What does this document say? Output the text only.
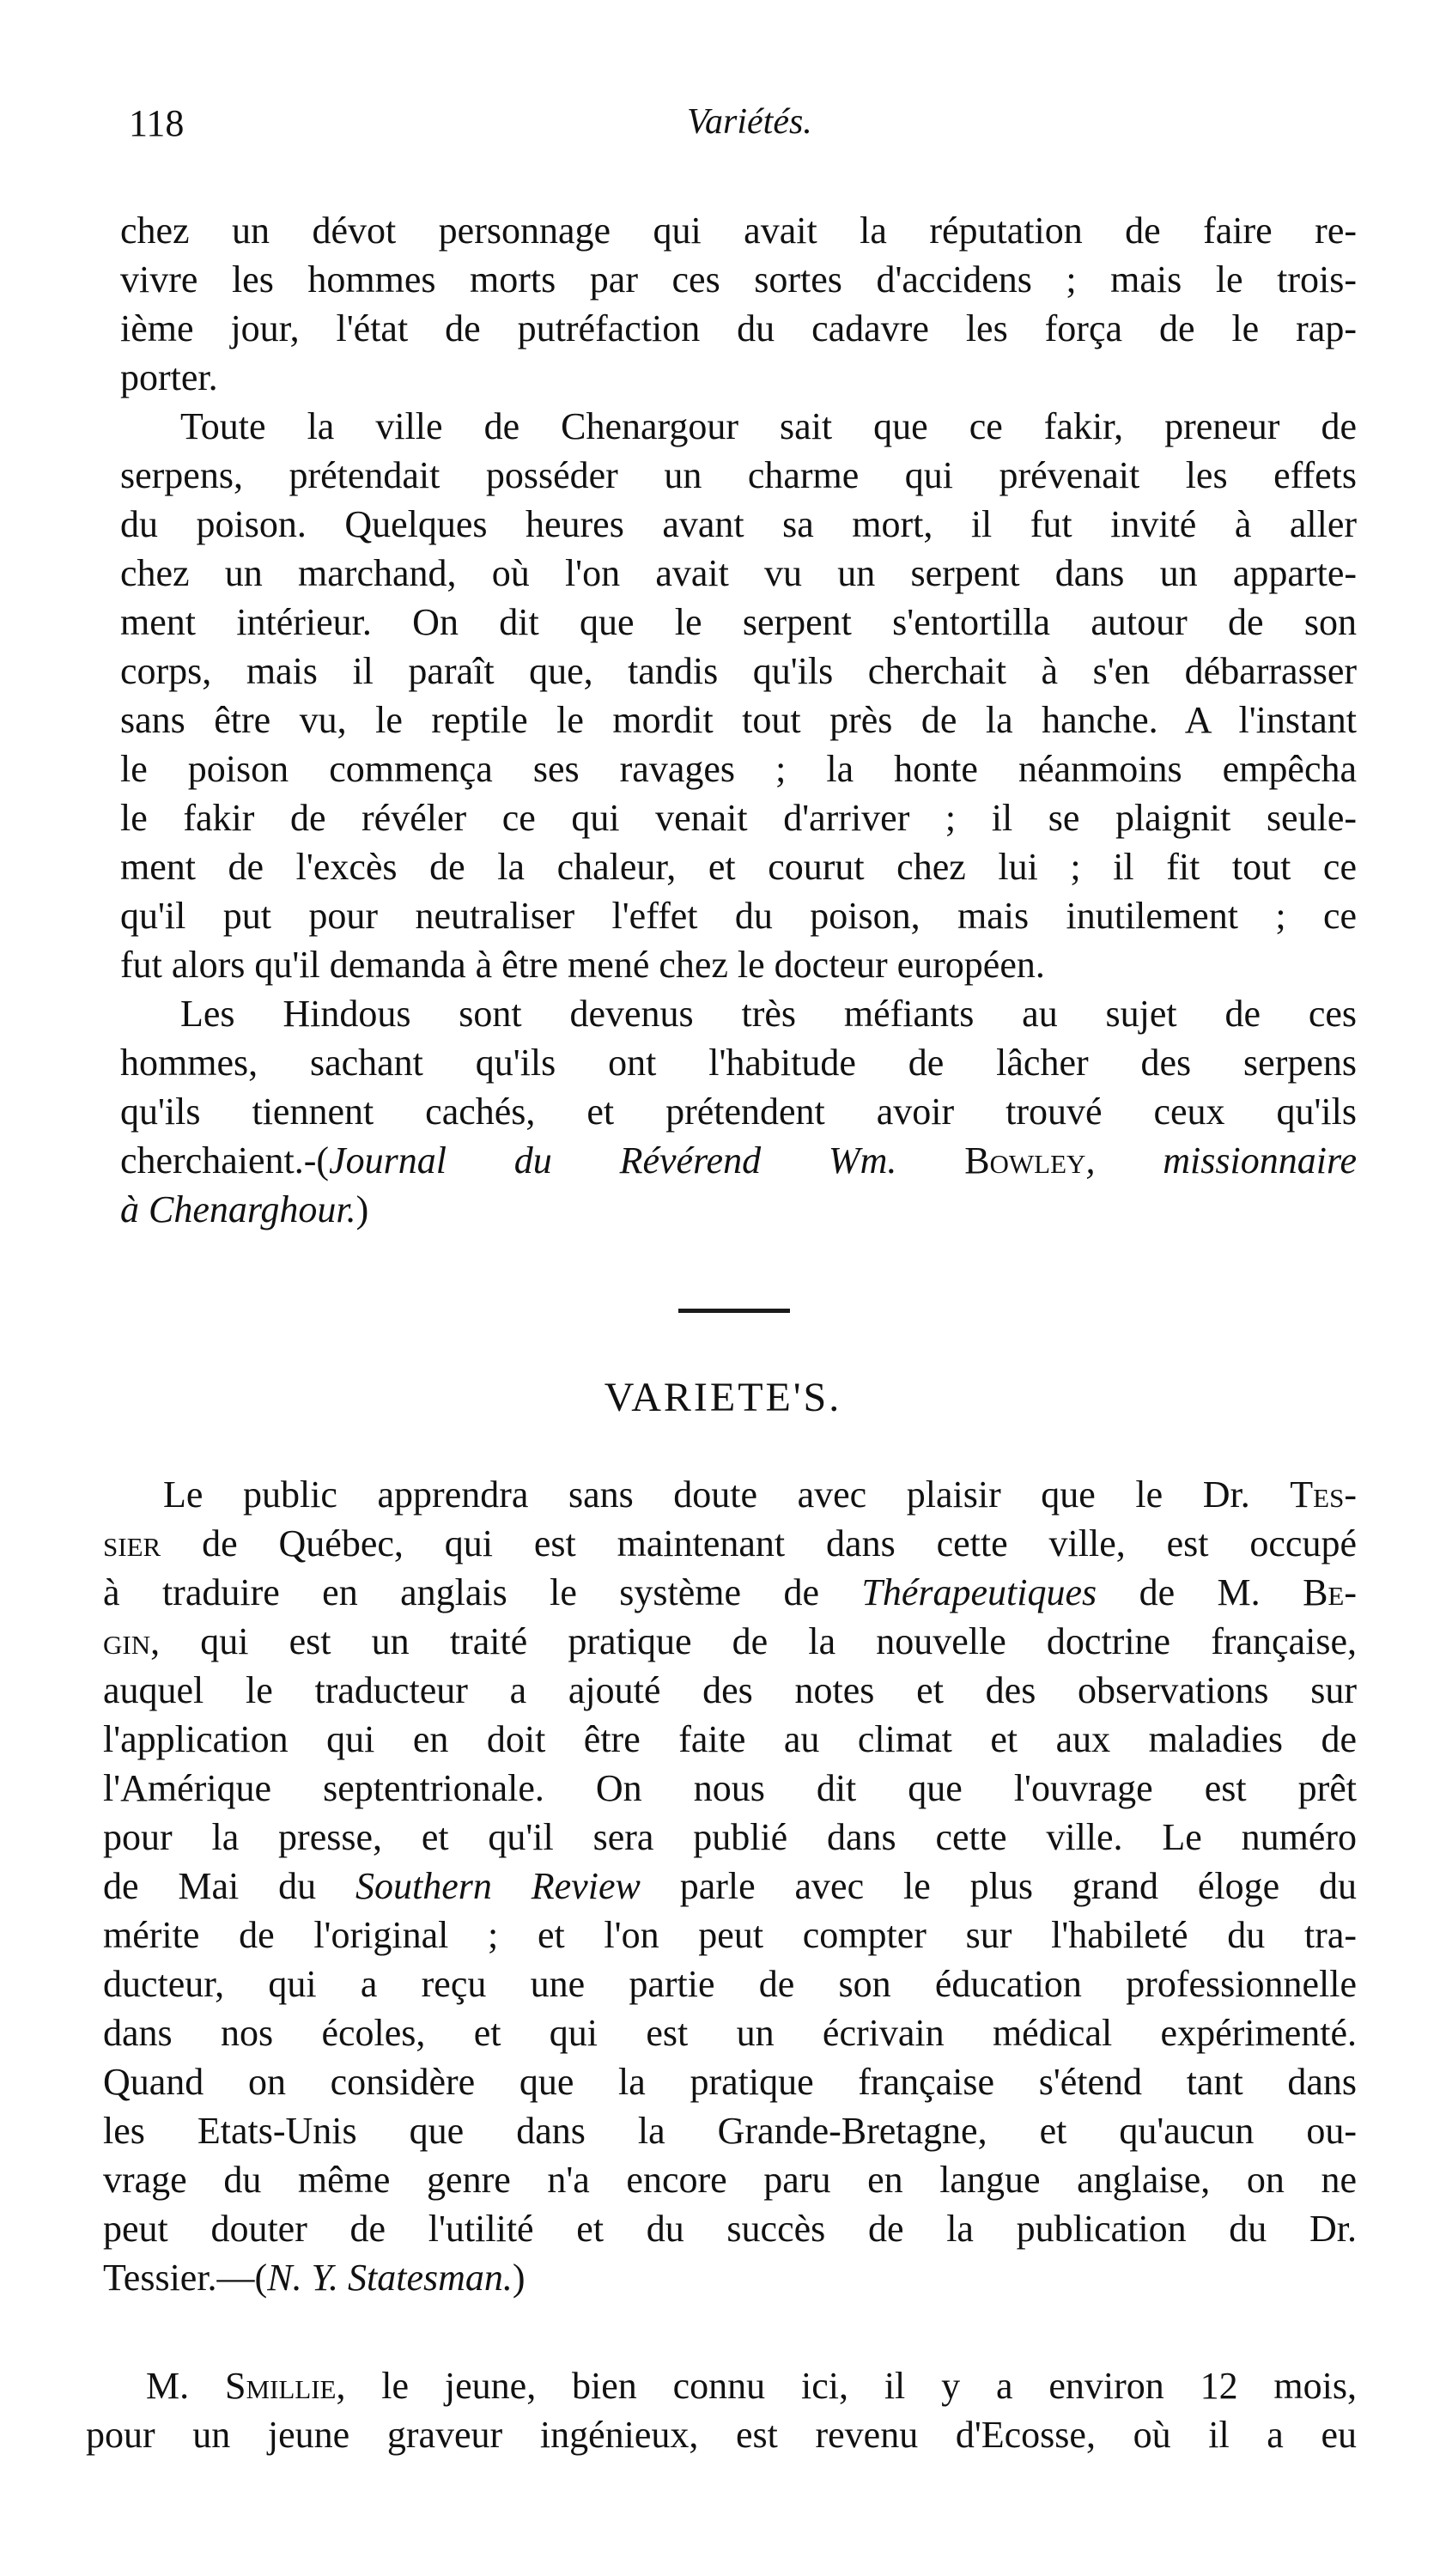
118	Variétés.
chez un dévot personnage qui avait la réputation de faire re-
vivre les hommes morts par ces sortes d'accidens ; mais le trois-
ième jour, l'état de putréfaction du cadavre les força de le rap-
porter.
Toute la ville de Chenargour sait que ce fakir, preneur de
serpens, prétendait posséder un charme qui prévenait les effets
du poison. Quelques heures avant sa mort, il fut invité à aller
chez un marchand, où l'on avait vu un serpent dans un apparte-
ment intérieur. On dit que le serpent s'entortilla autour de son
corps, mais il paraît que, tandis qu'ils cherchait à s'en débarrasser
sans être vu, le reptile le mordit tout près de la hanche. A l'instant
le poison commença ses ravages ; la honte néanmoins empêcha
le fakir de révéler ce qui venait d'arriver ; il se plaignit seule-
ment de l'excès de la chaleur, et courut chez lui ; il fit tout ce
qu'il put pour neutraliser l'effet du poison, mais inutilement ; ce
fut alors qu'il demanda à être mené chez le docteur européen.
Les Hindous sont devenus très méfiants au sujet de ces
hommes, sachant qu'ils ont l'habitude de lâcher des serpens
qu'ils tiennent cachés, et prétendent avoir trouvé ceux qu'ils
cherchaient.-(Journal du Révérend Wm. Bowley, missionnaire
à Chenarghour.)
VARIETE'S.
Le public apprendra sans doute avec plaisir que le Dr. Tes-
sier de Québec, qui est maintenant dans cette ville, est occupé
à traduire en anglais le système de Thérapeutiques de M. Be-
gin, qui est un traité pratique de la nouvelle doctrine française,
auquel le traducteur a ajouté des notes et des observations sur
l'application qui en doit être faite au climat et aux maladies de
l'Amérique septentrionale. On nous dit que l'ouvrage est prêt
pour la presse, et qu'il sera publié dans cette ville. Le numéro
de Mai du Southern Review parle avec le plus grand éloge du
mérite de l'original ; et l'on peut compter sur l'habileté du tra-
ducteur, qui a reçu une partie de son éducation professionnelle
dans nos écoles, et qui est un écrivain médical expérimenté.
Quand on considère que la pratique française s'étend tant dans
les Etats-Unis que dans la Grande-Bretagne, et qu'aucun ou-
vrage du même genre n'a encore paru en langue anglaise, on ne
peut douter de l'utilité et du succès de la publication du Dr.
Tessier.—(N. Y. Statesman.)
M. Smillie, le jeune, bien connu ici, il y a environ 12 mois,
pour un jeune graveur ingénieux, est revenu d'Ecosse, où il a eu
